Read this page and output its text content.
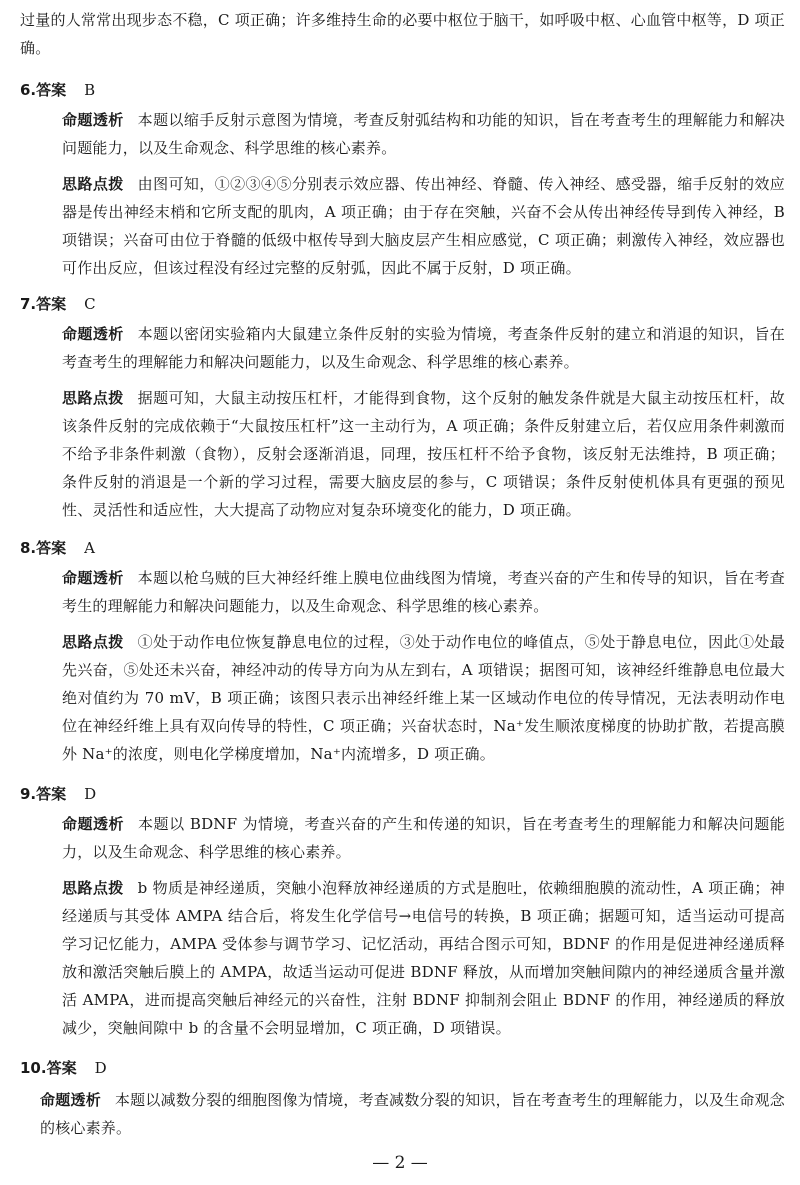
过量的人常常出现步态不稳，C 项正确；许多维持生命的必要中枢位于脑干，如呼吸中枢、心血管中枢等，D 项正确。

6.答案 B

命题透析 本题以缩手反射示意图为情境，考查反射弧结构和功能的知识，旨在考查考生的理解能力和解决问题能力，以及生命观念、科学思维的核心素养。

思路点拨 由图可知，①②③④⑤分别表示效应器、传出神经、脊髓、传入神经、感受器，缩手反射的效应器是传出神经末梢和它所支配的肌肉，A 项正确；由于存在突触，兴奋不会从传出神经传导到传入神经，B 项错误；兴奋可由位于脊髓的低级中枢传导到大脑皮层产生相应感觉，C 项正确；刺激传入神经，效应器也可作出反应，但该过程没有经过完整的反射弧，因此不属于反射，D 项正确。

7.答案 C

命题透析 本题以密闭实验箱内大鼠建立条件反射的实验为情境，考查条件反射的建立和消退的知识，旨在考查考生的理解能力和解决问题能力，以及生命观念、科学思维的核心素养。

思路点拨 据题可知，大鼠主动按压杠杆，才能得到食物，这个反射的触发条件就是大鼠主动按压杠杆，故该条件反射的完成依赖于“大鼠按压杠杆”这一主动行为，A 项正确；条件反射建立后，若仅应用条件刺激而不给予非条件刺激（食物），反射会逐渐消退，同理，按压杠杆不给予食物，该反射无法维持，B 项正确；条件反射的消退是一个新的学习过程，需要大脑皮层的参与，C 项错误；条件反射使机体具有更强的预见性、灵活性和适应性，大大提高了动物应对复杂环境变化的能力，D 项正确。

8.答案 A

命题透析 本题以枪乌贼的巨大神经纤维上膜电位曲线图为情境，考查兴奋的产生和传导的知识，旨在考查考生的理解能力和解决问题能力，以及生命观念、科学思维的核心素养。

思路点拨 ①处于动作电位恢复静息电位的过程，③处于动作电位的峰值点，⑤处于静息电位，因此①处最先兴奋，⑤处还未兴奋，神经冲动的传导方向为从左到右，A 项错误；据图可知，该神经纤维静息电位最大绝对值约为 70 mV，B 项正确；该图只表示出神经纤维上某一区域动作电位的传导情况，无法表明动作电位在神经纤维上具有双向传导的特性，C 项正确；兴奋状态时，Na⁺发生顺浓度梯度的协助扩散，若提高膜外 Na⁺的浓度，则电化学梯度增加，Na⁺内流增多，D 项正确。

9.答案 D

命题透析 本题以 BDNF 为情境，考查兴奋的产生和传递的知识，旨在考查考生的理解能力和解决问题能力，以及生命观念、科学思维的核心素养。

思路点拨 b 物质是神经递质，突触小泡释放神经递质的方式是胞吐，依赖细胞膜的流动性，A 项正确；神经递质与其受体 AMPA 结合后，将发生化学信号→电信号的转换，B 项正确；据题可知，适当运动可提高学习记忆能力，AMPA 受体参与调节学习、记忆活动，再结合图示可知，BDNF 的作用是促进神经递质释放和激活突触后膜上的 AMPA，故适当运动可促进 BDNF 释放，从而增加突触间隙内的神经递质含量并激活 AMPA，进而提高突触后神经元的兴奋性，注射 BDNF 抑制剂会阻止 BDNF 的作用，神经递质的释放减少，突触间隙中 b 的含量不会明显增加，C 项正确，D 项错误。

10.答案 D

命题透析 本题以减数分裂的细胞图像为情境，考查减数分裂的知识，旨在考查考生的理解能力，以及生命观念的核心素养。

— 2 —
